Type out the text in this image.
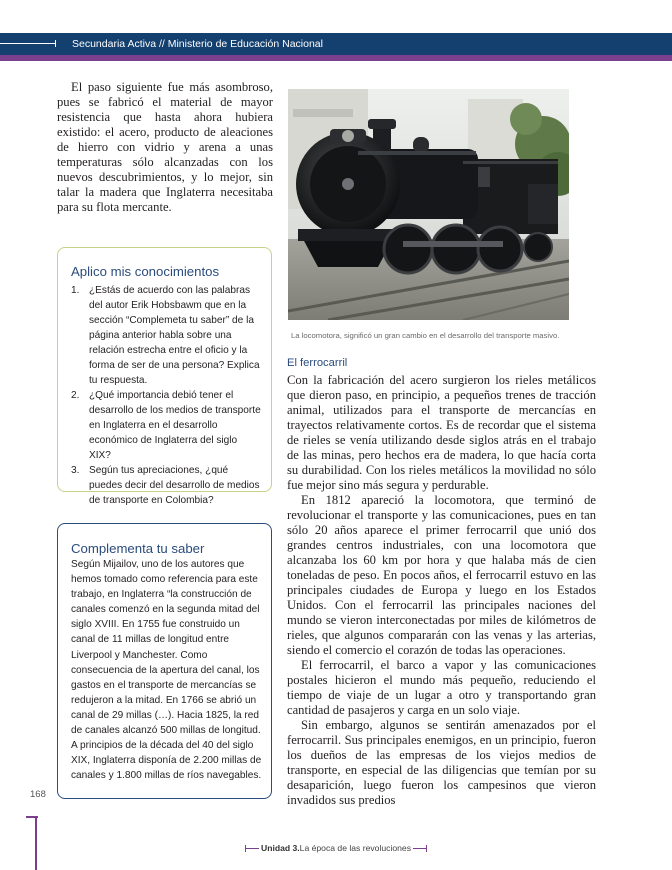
Secundaria Activa // Ministerio de Educación Nacional

El paso siguiente fue más asombroso, pues se fabricó el material de mayor resistencia que hasta ahora hubiera existido: el acero, producto de aleaciones de hierro con vidrio y arena a unas temperaturas sólo alcanzadas con los nuevos descubrimientos, y lo mejor, sin talar la madera que Inglaterra necesitaba para su flota mercante.

Aplico mis conocimientos
1. ¿Estás de acuerdo con las palabras del autor Erik Hobsbawm que en la sección “Complemeta tu saber” de la página anterior habla sobre una relación estrecha entre el oficio y la forma de ser de una persona? Explica tu respuesta.
2. ¿Qué importancia debió tener el desarrollo de los medios de transporte en Inglaterra en el desarrollo económico de Inglaterra del siglo XIX?
3. Según tus apreciaciones, ¿qué puedes decir del desarrollo de medios de transporte en Colombia?
Complementa tu saber

Según Mijailov, uno de los autores que hemos tomado como referencia para este trabajo, en Inglaterra “la construcción de canales comenzó en la segunda mitad del siglo XVIII. En 1755 fue construido un canal de 11 millas de longitud entre Liverpool y Manchester. Como consecuencia de la apertura del canal, los gastos en el transporte de mercancías se redujeron a la mitad. En 1766 se abrió un canal de 29 millas (…). Hacia 1825, la red de canales alcanzó 500 millas de longitud. A principios de la década del 40 del siglo XIX, Inglaterra disponía de 2.200 millas de canales y 1.800 millas de ríos navegables.

168
La locomotora, significó un gran cambio en el desarrollo del transporte masivo.
El ferrocarril

Con la fabricación del acero surgieron los rieles metálicos que dieron paso, en principio, a pequeños trenes de tracción animal, utilizados para el transporte de mercancías en trayectos relativamente cortos. Es de recordar que el sistema de rieles se venía utilizando desde siglos atrás en el trabajo de las minas, pero hechos era de madera, lo que hacía corta su durabilidad. Con los rieles metálicos la movilidad no sólo fue mejor sino más segura y perdurable.

En 1812 apareció la locomotora, que terminó de revolucionar el transporte y las comunicaciones, pues en tan sólo 20 años aparece el primer ferrocarril que unió dos grandes centros industriales, con una locomotora que alcanzaba los 60 km por hora y que halaba más de cien toneladas de peso. En pocos años, el ferrocarril estuvo en las principales ciudades de Europa y luego en los Estados Unidos. Con el ferrocarril las principales naciones del mundo se vieron interconectadas por miles de kilómetros de rieles, que algunos compararán con las venas y las arterias, siendo el comercio el corazón de todas las operaciones.

El ferrocarril, el barco a vapor y las comunicaciones postales hicieron el mundo más pequeño, reduciendo el tiempo de viaje de un lugar a otro y transportando gran cantidad de pasajeros y carga en un solo viaje.

Sin embargo, algunos se sentirán amenazados por el ferrocarril. Sus principales enemigos, en un principio, fueron los dueños de las empresas de los viejos medios de transporte, en especial de las diligencias que temían por su desaparición, luego fueron los campesinos que vieron invadidos sus predios

Unidad 3.La época de las revoluciones
